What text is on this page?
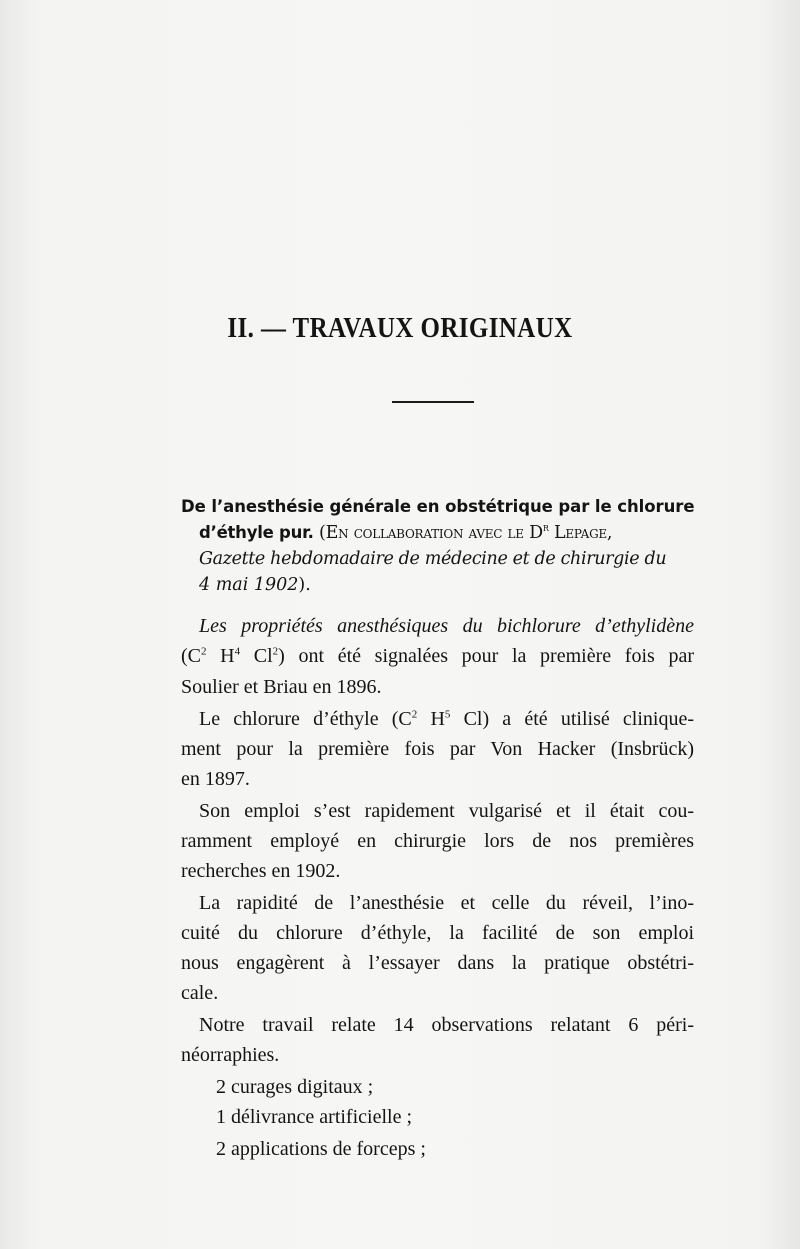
II. — TRAVAUX ORIGINAUX
De l’anesthésie générale en obstétrique par le chlorure
d’éthyle pur. (En collaboration avec le $D^r$ Lepage,
Gazette hebdomadaire de médecine et de chirurgie du
4 mai 1902).
Les propriétés anesthésiques du bichlorure d’ethylidène
($C^2$ $H^4$ Cl$^2$) ont été signalées pour la première fois par
Soulier et Briau en 1896.
Le chlorure d’éthyle ($C^2$ $H^5$ Cl) a été utilisé clinique-
ment pour la première fois par Von Hacker (Insbrück)
en 1897.
Son emploi s’est rapidement vulgarisé et il était cou-
ramment employé en chirurgie lors de nos premières
recherches en 1902.
La rapidité de l’anesthésie et celle du réveil, l’ino-
cuité du chlorure d’éthyle, la facilité de son emploi
nous engagèrent à l’essayer dans la pratique obstétri-
cale.
Notre travail relate 14 observations relatant 6 péri-
néorraphies.
2 curages digitaux ;
1 délivrance artificielle ;
2 applications de forceps ;
